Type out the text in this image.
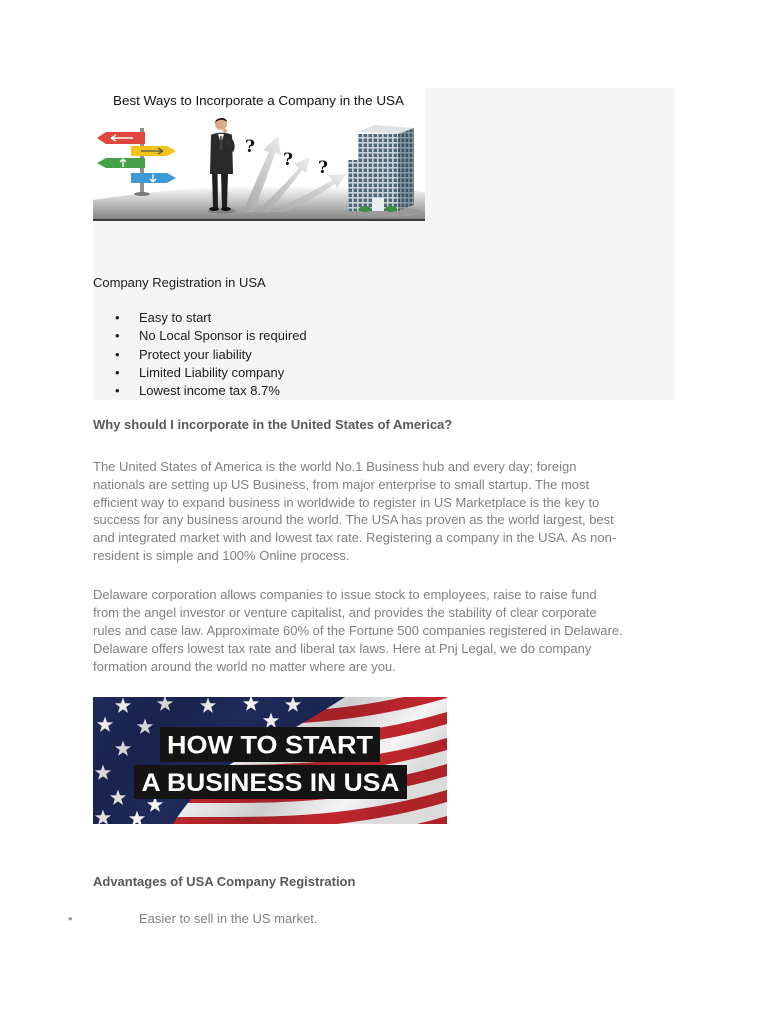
Best Ways to Incorporate a Company in the USA
?
? ?
Company Registration in USA
• Easy to start
• No Local Sponsor is required
• Protect your liability
• Limited Liability company
• Lowest income tax 8.7%
Why should I incorporate in the United States of America?
The United States of America is the world No.1 Business hub and every day; foreign
nationals are setting up US Business, from major enterprise to small startup. The most
efficient way to expand business in worldwide to register in US Marketplace is the key to
success for any business around the world. The USA has proven as the world largest, best
and integrated market with and lowest tax rate. Registering a company in the USA. As non-
resident is simple and 100% Online process.
Delaware corporation allows companies to issue stock to employees, raise to raise fund
from the angel investor or venture capitalist, and provides the stability of clear corporate
rules and case law. Approximate 60% of the Fortune 500 companies registered in Delaware.
Delaware offers lowest tax rate and liberal tax laws. Here at Pnj Legal, we do company
formation around the world no matter where are you.
HOW TO START
A BUSINESS IN USA
Advantages of USA Company Registration
•	Easier to sell in the US market.
